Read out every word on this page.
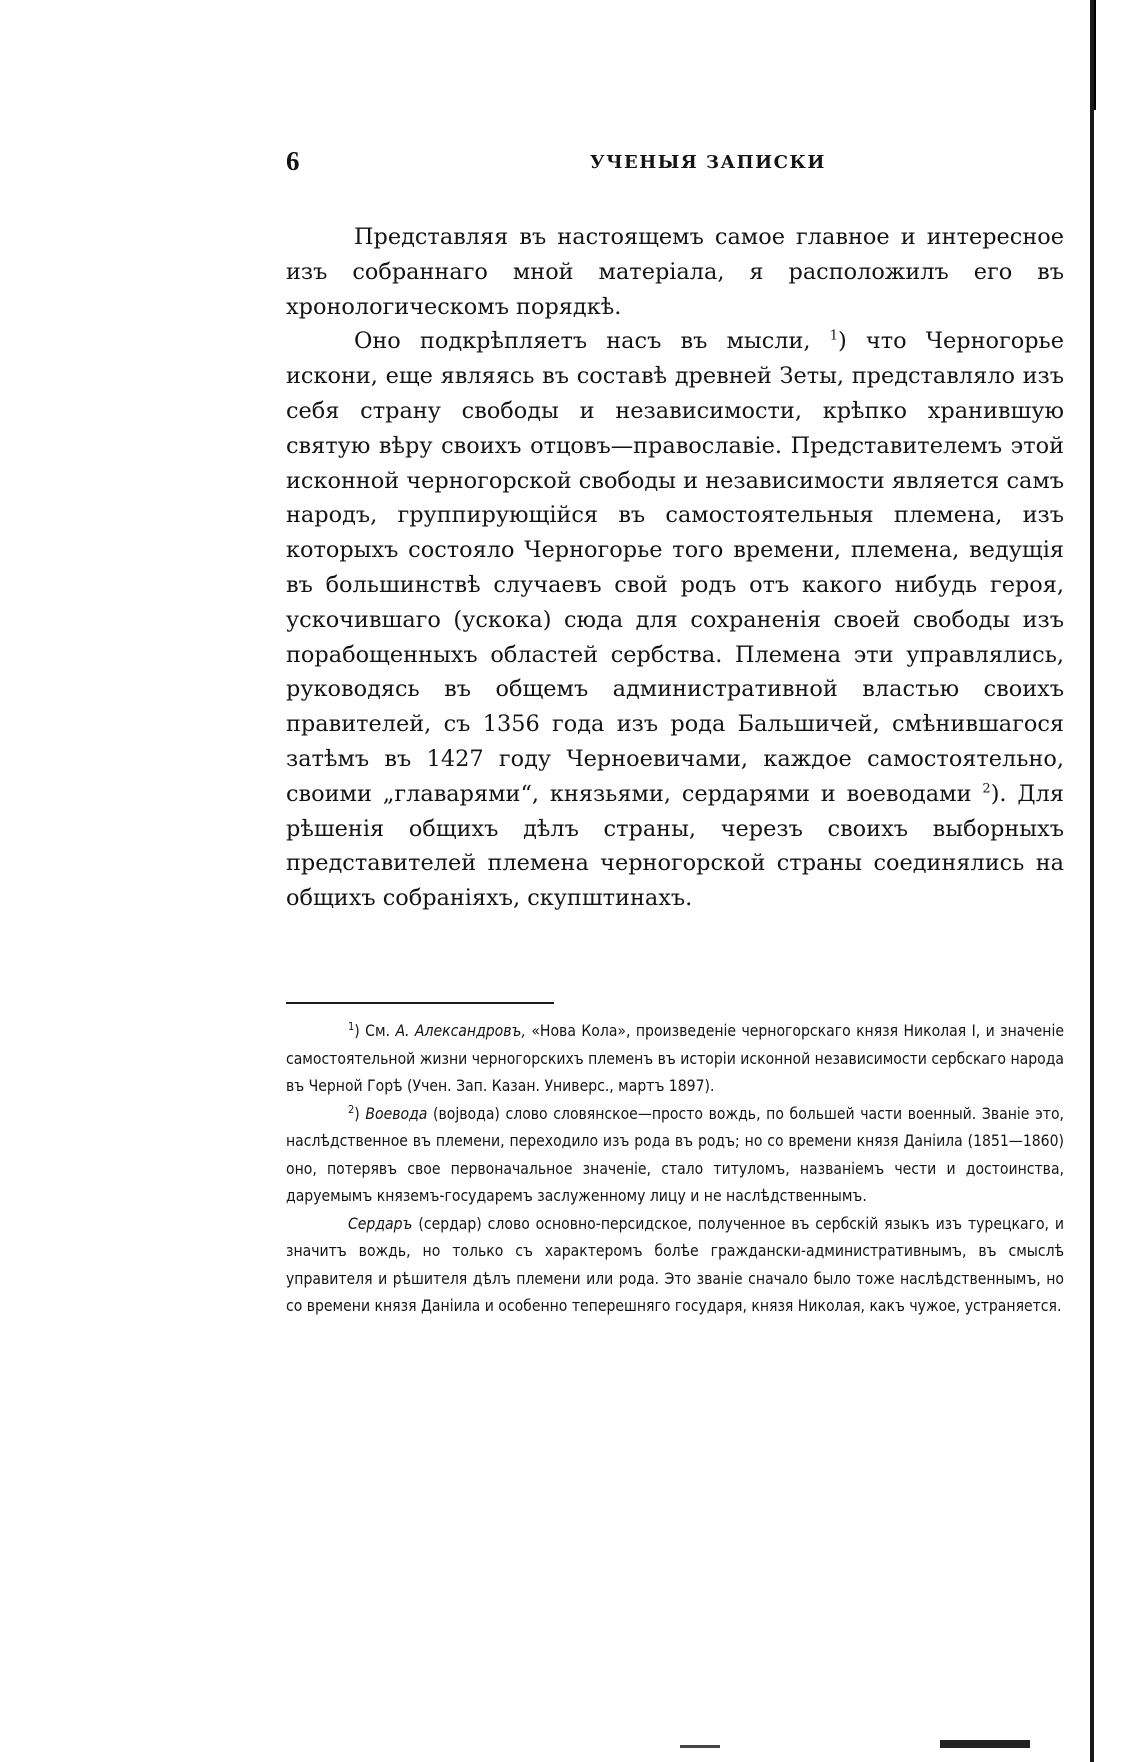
6	УЧЕНЫЯ ЗАПИСКИ

Представляя въ настоящемъ самое главное и интересное изъ собраннаго мной матеріала, я расположилъ его въ хронологическомъ порядкѣ.

Оно подкрѣпляетъ насъ въ мысли, $^1$) что Черногорье искони, еще являясь въ составѣ древней Зеты, представляло изъ себя страну свободы и независимости, крѣпко хранившую святую вѣру своихъ отцовъ—православіе. Представителемъ этой исконной черногорской свободы и независимости является самъ народъ, группирующійся въ самостоятельныя племена, изъ которыхъ состояло Черногорье того времени, племена, ведущія въ большинствѣ случаевъ свой родъ отъ какого нибудь героя, ускочившаго (ускока) сюда для сохраненія своей свободы изъ порабощенныхъ областей сербства. Племена эти управлялись, руководясь въ общемъ административной властью своихъ правителей, съ 1356 года изъ рода Бальшичей, смѣнившагося затѣмъ въ 1427 году Черноевичами, каждое самостоятельно, своими „главарями“, князьями, сердарями и воеводами $^2$). Для рѣшенія общихъ дѣлъ страны, черезъ своихъ выборныхъ представителей племена черногорской страны соединялись на общихъ собраніяхъ, скупштинахъ.

$^1$) См. А. Александровъ, «Нова Кола», произведеніе черногорскаго князя Николая I, и значеніе самостоятельной жизни черногорскихъ племенъ въ исторіи исконной независимости сербскаго народа въ Черной Горѣ (Учен. Зап. Казан. Универс., мартъ 1897).

$^2$) Воевода (војвода) слово словянское—просто вождь, по большей части военный. Званіе это, наслѣдственное въ племени, переходило изъ рода въ родъ; но со времени князя Даніила (1851—1860) оно, потерявъ свое первоначальное значеніе, стало титуломъ, названіемъ чести и достоинства, даруемымъ княземъ-государемъ заслуженному лицу и не наслѣдственнымъ.

Сердаръ (сердар) слово основно-персидское, полученное въ сербскій языкъ изъ турецкаго, и значитъ вождь, но только съ характеромъ болѣе граждански-административнымъ, въ смыслѣ управителя и рѣшителя дѣлъ племени или рода. Это званіе сначало было тоже наслѣдственнымъ, но со времени князя Даніила и особенно теперешняго государя, князя Николая, какъ чужое, устраняется.
